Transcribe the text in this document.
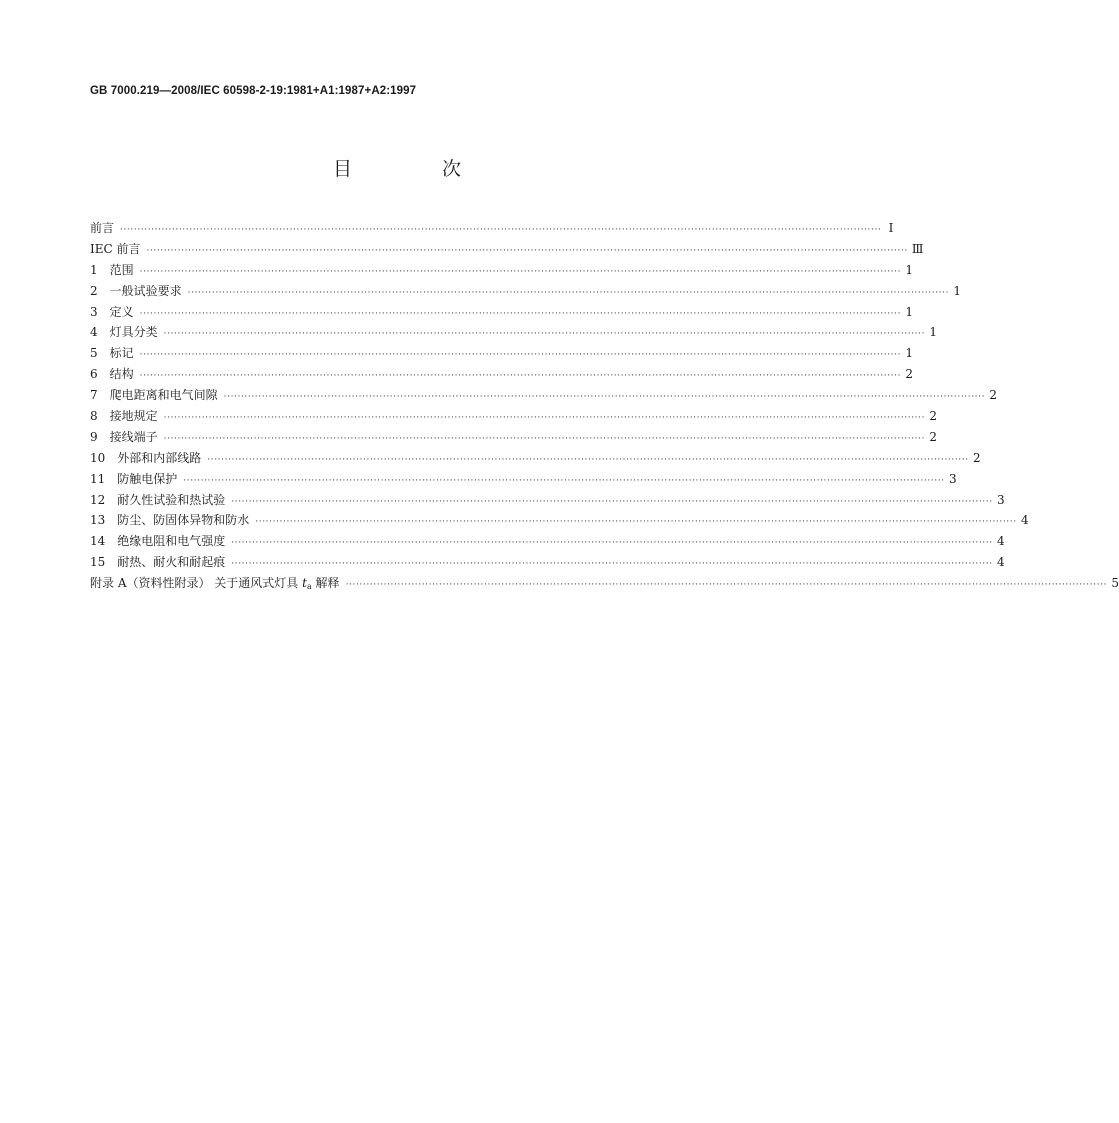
GB 7000.219—2008/IEC 60598-2-19:1981+A1:1987+A2:1997
目 次
前言 ···························································································································································································································· Ⅰ
IEC 前言 ···························································································································································································································· Ⅲ
1 范围 ···························································································································································································································· 1
2 一般试验要求 ···························································································································································································································· 1
3 定义 ···························································································································································································································· 1
4 灯具分类 ···························································································································································································································· 1
5 标记 ···························································································································································································································· 1
6 结构 ···························································································································································································································· 2
7 爬电距离和电气间隙 ···························································································································································································································· 2
8 接地规定 ···························································································································································································································· 2
9 接线端子 ···························································································································································································································· 2
10 外部和内部线路 ···························································································································································································································· 2
11 防触电保护 ···························································································································································································································· 3
12 耐久性试验和热试验 ···························································································································································································································· 3
13 防尘、防固体异物和防水 ···························································································································································································································· 4
14 绝缘电阻和电气强度 ···························································································································································································································· 4
15 耐热、耐火和耐起痕 ···························································································································································································································· 4
附录 A（资料性附录） 关于通风式灯具 $t_a$ 解释 ···························································································································································································································· 5
